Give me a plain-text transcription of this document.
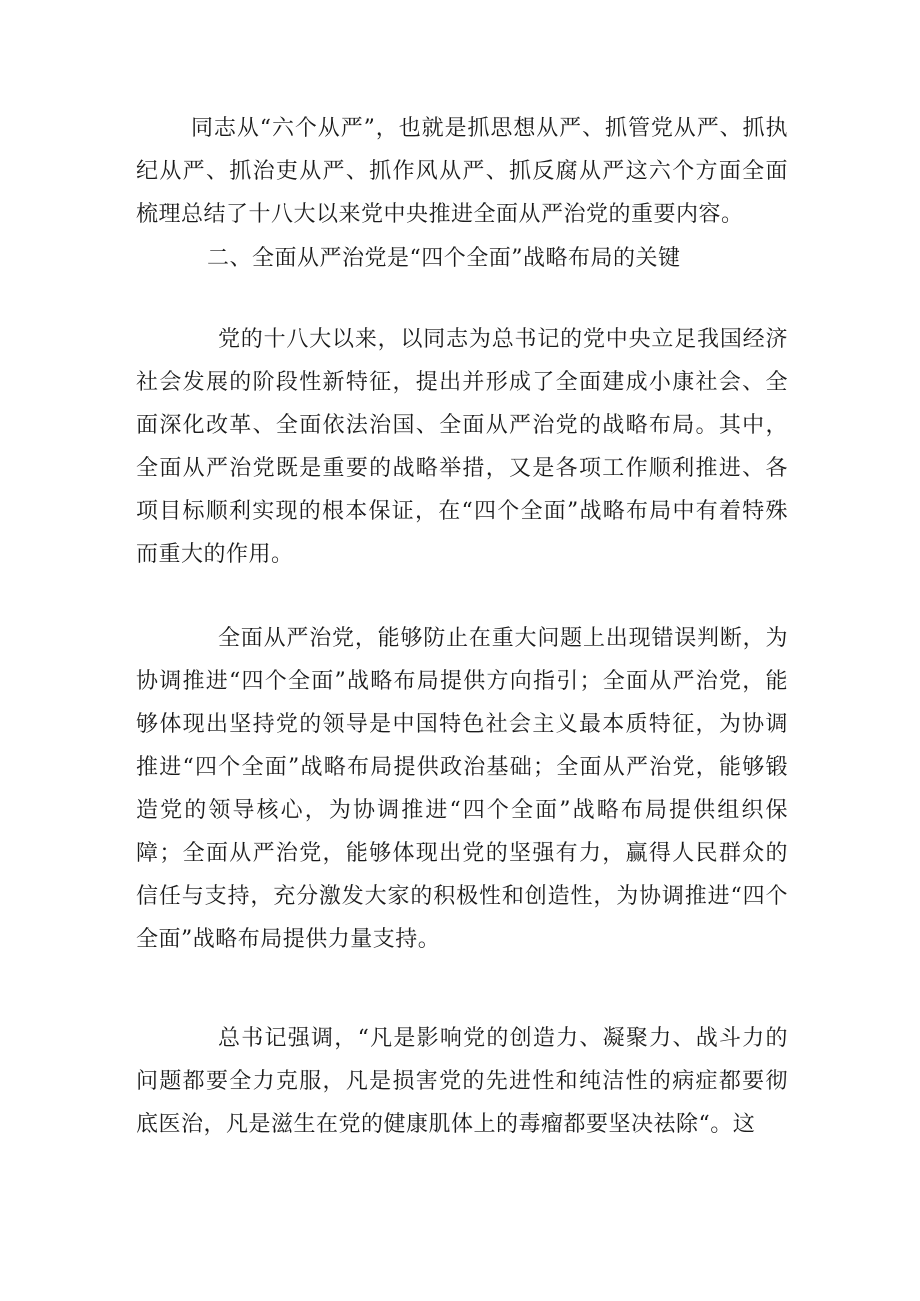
同志从“六个从严”，也就是抓思想从严、抓管党从严、抓执纪从严、抓治吏从严、抓作风从严、抓反腐从严这六个方面全面梳理总结了十八大以来党中央推进全面从严治党的重要内容。

二、全面从严治党是“四个全面”战略布局的关键

党的十八大以来，以同志为总书记的党中央立足我国经济社会发展的阶段性新特征，提出并形成了全面建成小康社会、全面深化改革、全面依法治国、全面从严治党的战略布局。其中，全面从严治党既是重要的战略举措，又是各项工作顺利推进、各项目标顺利实现的根本保证，在“四个全面”战略布局中有着特殊而重大的作用。

全面从严治党，能够防止在重大问题上出现错误判断，为协调推进“四个全面”战略布局提供方向指引；全面从严治党，能够体现出坚持党的领导是中国特色社会主义最本质特征，为协调推进“四个全面”战略布局提供政治基础；全面从严治党，能够锻造党的领导核心，为协调推进“四个全面”战略布局提供组织保障；全面从严治党，能够体现出党的坚强有力，赢得人民群众的信任与支持，充分激发大家的积极性和创造性，为协调推进“四个全面”战略布局提供力量支持。

总书记强调，“凡是影响党的创造力、凝聚力、战斗力的问题都要全力克服，凡是损害党的先进性和纯洁性的病症都要彻底医治，凡是滋生在党的健康肌体上的毒瘤都要坚决祛除“。这
